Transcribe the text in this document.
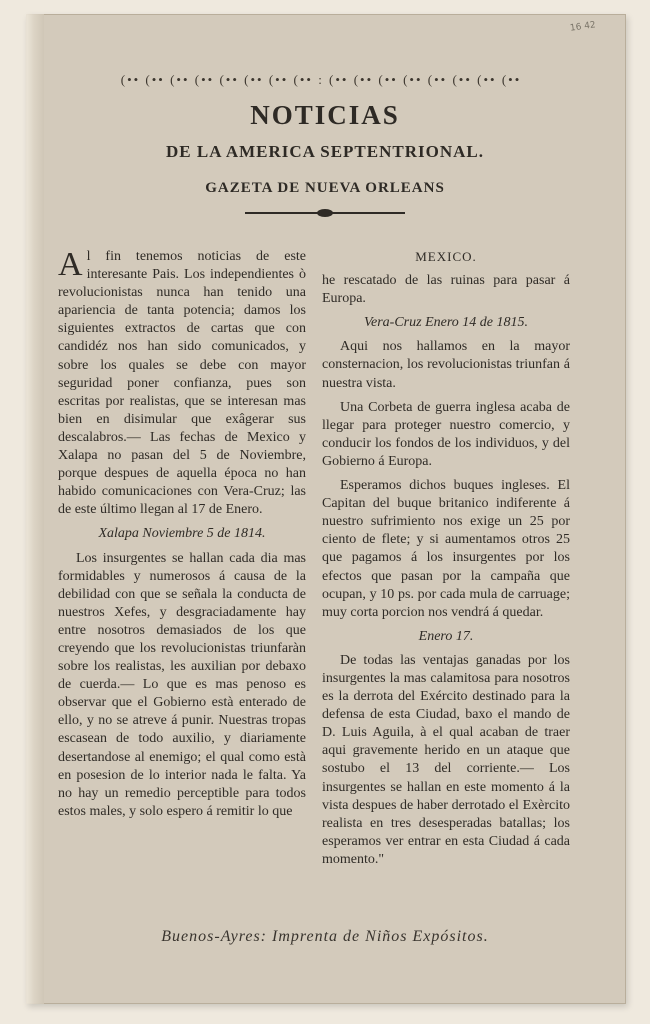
16 42
(•• (•• (•• (•• (•• (•• (•• (•• : (•• (•• (•• (•• (•• (•• (•• (••
NOTICIAS
DE LA AMERICA SEPTENTRIONAL.
GAZETA DE NUEVA ORLEANS

Al fin tenemos noticias de este interesante Pais. Los independientes ò revolucionistas nunca han tenido una apariencia de tanta potencia; damos los siguientes extractos de cartas que con candidéz nos han sido comunicados, y sobre los quales se debe con mayor seguridad poner confianza, pues son escritas por realistas, que se interesan mas bien en disimular que exâgerar sus descalabros.— Las fechas de Mexico y Xalapa no pasan del 5 de Noviembre, porque despues de aquella época no han habido comunicaciones con Vera-Cruz; las de este último llegan al 17 de Enero.

Xalapa Noviembre 5 de 1814.

Los insurgentes se hallan cada dia mas formidables y numerosos á causa de la debilidad con que se señala la conducta de nuestros Xefes, y desgraciadamente hay entre nosotros demasiados de los que creyendo que los revolucionistas triunfaràn sobre los realistas, les auxilian por debaxo de cuerda.— Lo que es mas penoso es observar que el Gobierno està enterado de ello, y no se atreve á punir. Nuestras tropas escasean de todo auxilio, y diariamente desertandose al enemigo; el qual como està en posesion de lo interior nada le falta. Ya no hay un remedio perceptible para todos estos males, y solo espero á remitir lo que

MEXICO.

he rescatado de las ruinas para pasar á Europa.

Vera-Cruz Enero 14 de 1815.

Aqui nos hallamos en la mayor consternacion, los revolucionistas triunfan á nuestra vista.

Una Corbeta de guerra inglesa acaba de llegar para proteger nuestro comercio, y conducir los fondos de los individuos, y del Gobierno á Europa.

Esperamos dichos buques ingleses. El Capitan del buque britanico indiferente á nuestro sufrimiento nos exige un 25 por ciento de flete; y si aumentamos otros 25 que pagamos á los insurgentes por los efectos que pasan por la campaña que ocupan, y 10 ps. por cada mula de carruage; muy corta porcion nos vendrá á quedar.

Enero 17.

De todas las ventajas ganadas por los insurgentes la mas calamitosa para nosotros es la derrota del Exército destinado para la defensa de esta Ciudad, baxo el mando de D. Luis Aguila, à el qual acaban de traer aqui gravemente herido en un ataque que sostubo el 13 del corriente.— Los insurgentes se hallan en este momento á la vista despues de haber derrotado el Exèrcito realista en tres desesperadas batallas; los esperamos ver entrar en esta Ciudad á cada momento."

Buenos-Ayres: Imprenta de Niños Expósitos.
